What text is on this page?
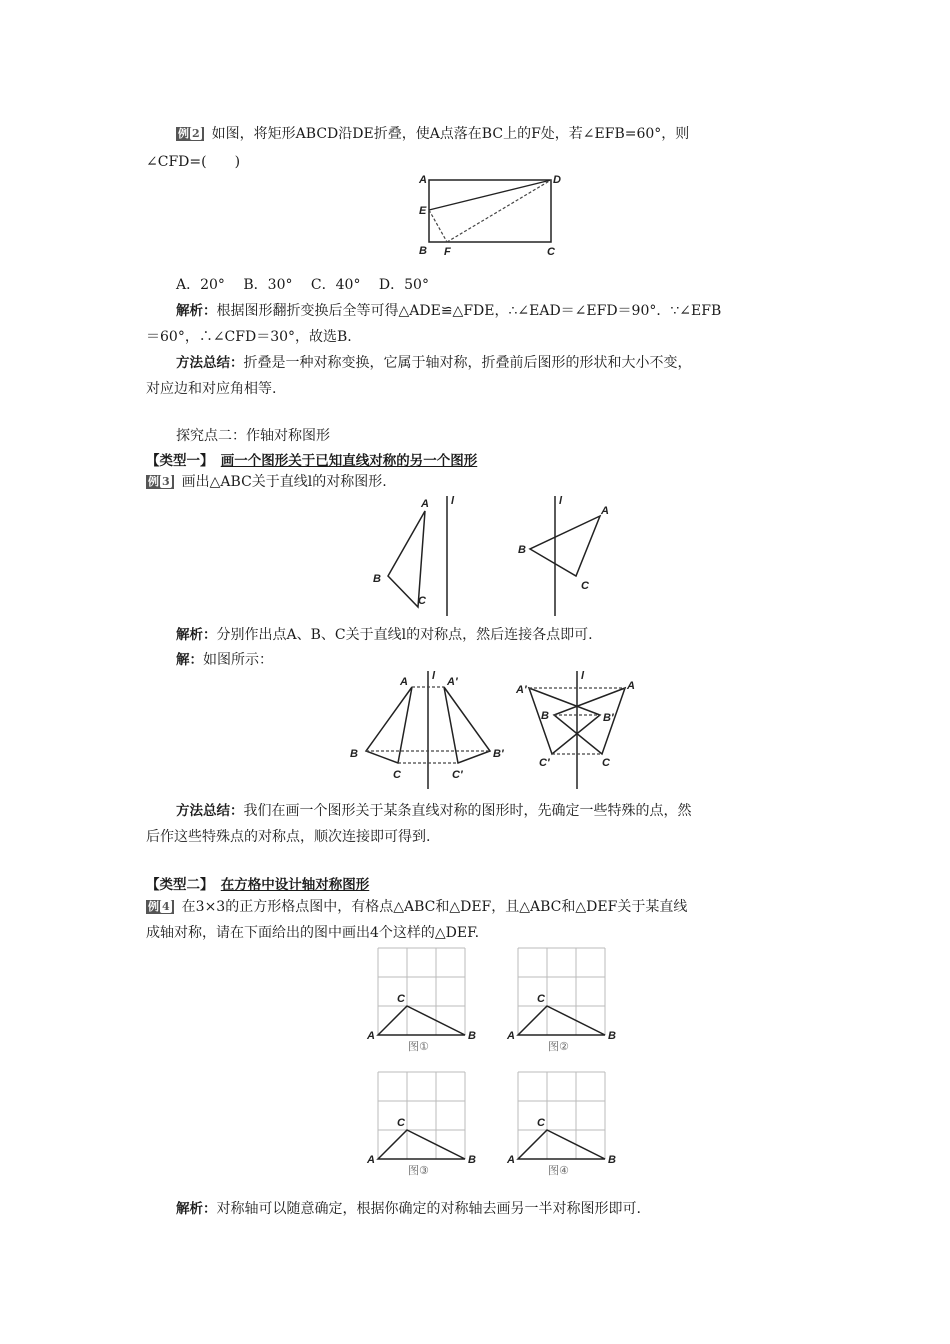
例 2 如图，将矩形ABCD沿DE折叠，使A点落在BC上的F处，若∠EFB=60°，则
∠CFD=(　　)
A	D
E
B F	C
A．20°　 B．30°　 C．40°　 D．50°
解析：根据图形翻折变换后全等可得△ADE≌△FDE，∴∠EAD＝∠EFD＝90°．∵∠EFB
＝60°，∴∠CFD＝30°，故选B.
方法总结：折叠是一种对称变换，它属于轴对称，折叠前后图形的形状和大小不变，
对应边和对应角相等.
探究点二：作轴对称图形
【类型一】　 画一个图形关于已知直线对称的另一个图形
例 3 画出△ABC关于直线l的对称图形.
A
B
C
l
A
B
C
l
解析：分别作出点A、B、C关于直线l的对称点，然后连接各点即可.
解：如图所示：
A	A′
l
B	B′
C	C′
A′	A
l
B	B′
C′	C
方法总结：我们在画一个图形关于某条直线对称的图形时，先确定一些特殊的点，然
后作这些特殊点的对称点，顺次连接即可得到.
【类型二】　 在方格中设计轴对称图形
例 4 在3×3的正方形格点图中，有格点△ABC和△DEF，且△ABC和△DEF关于某直线
成轴对称，请在下面给出的图中画出4个这样的△DEF.
A
C
B
图①
A
C
B
图②
A
C
B
图③
A
C
B
图④
解析：对称轴可以随意确定，根据你确定的对称轴去画另一半对称图形即可.
